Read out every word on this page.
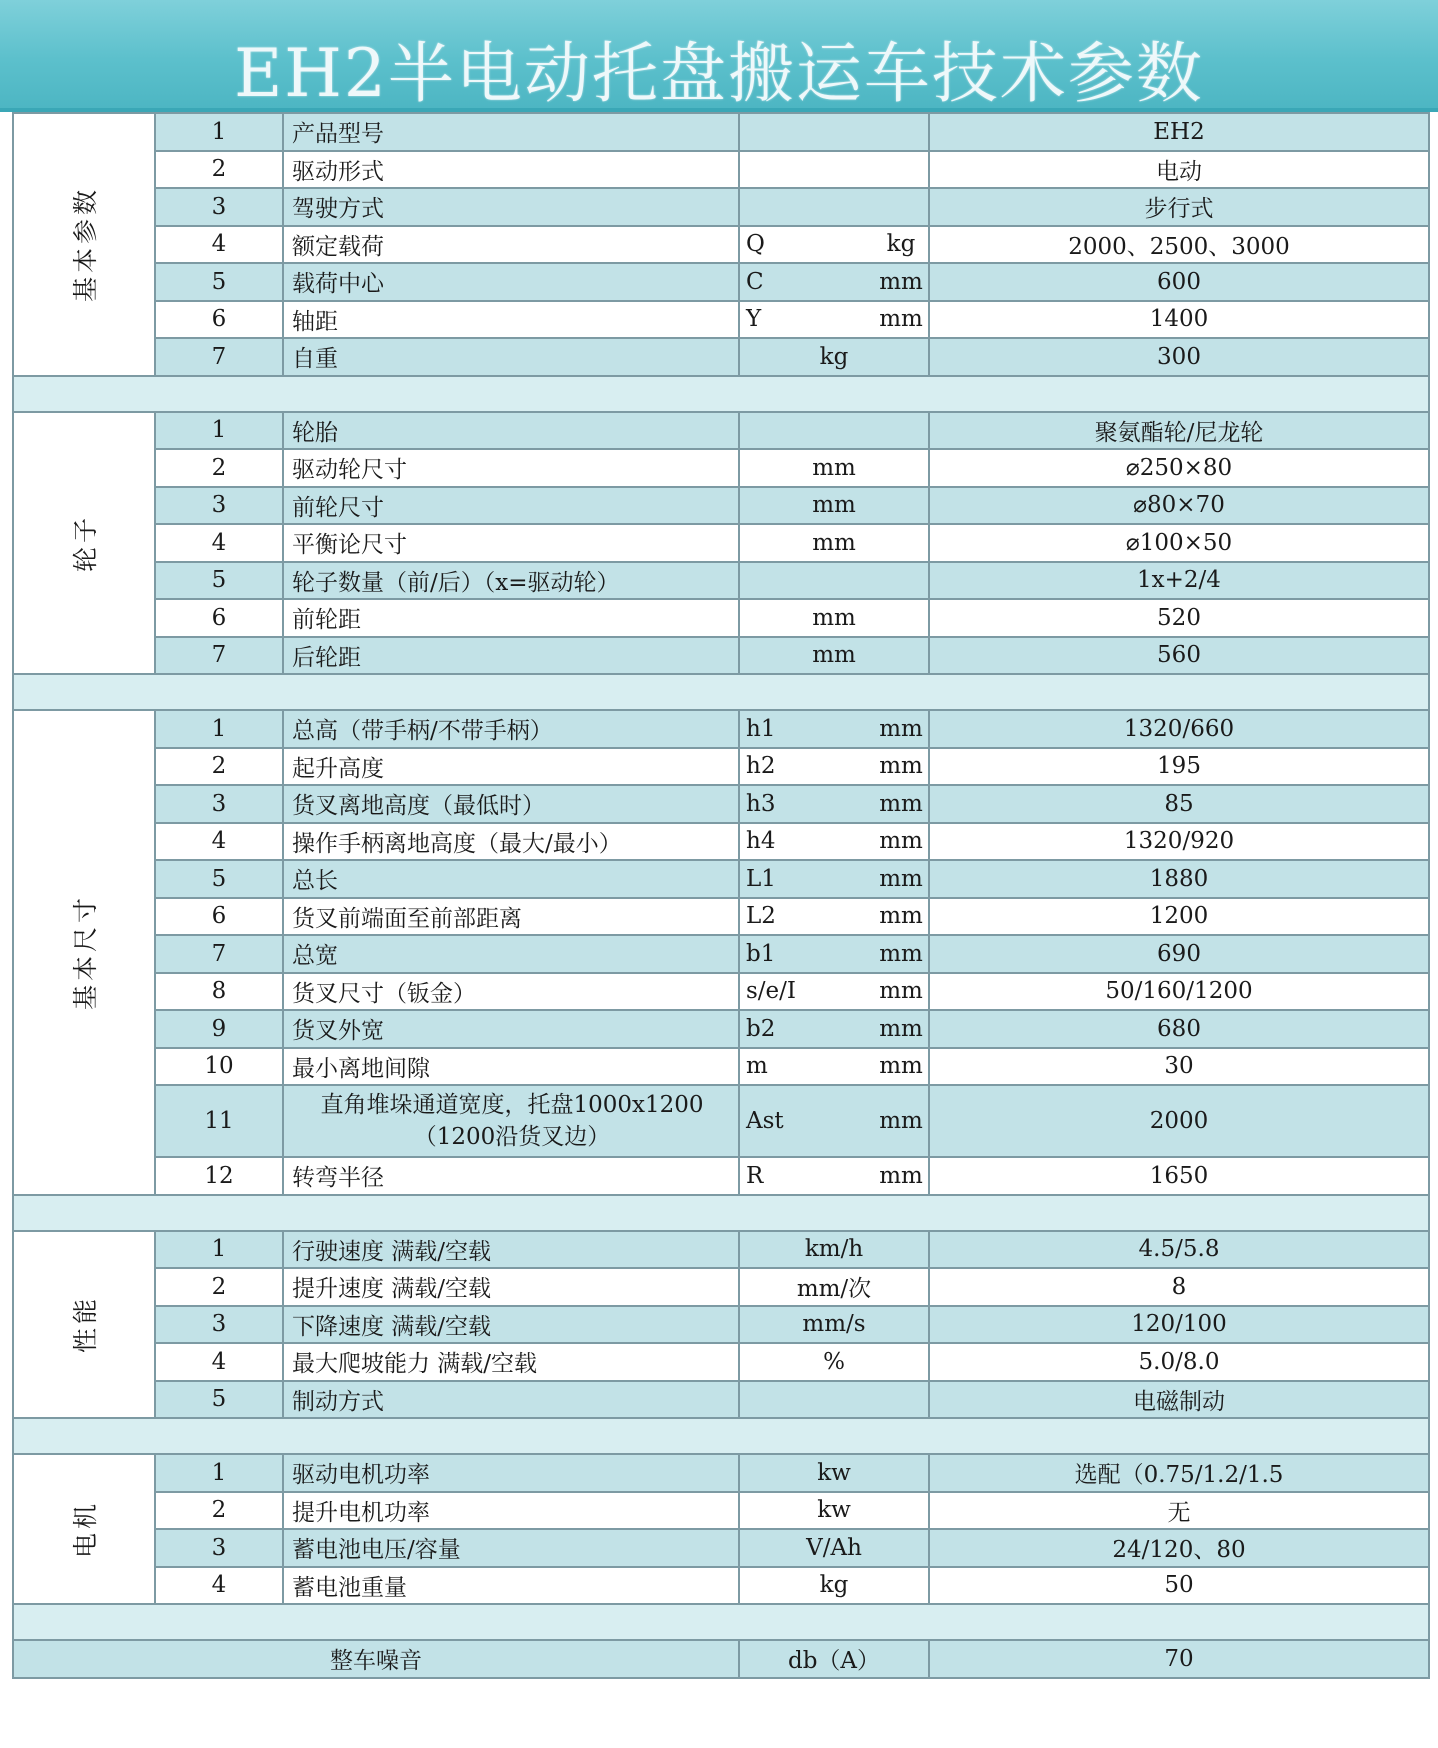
EH2半电动托盘搬运车技术参数
基本参数	1	产品型号		EH2
	2	驱动形式		电动
	3	驾驶方式		步行式
	4	额定载荷	Q kg	2000、2500、3000
	5	载荷中心	C mm	600
	6	轴距	Y mm	1400
	7	自重	kg	300

轮子	1	轮胎		聚氨酯轮/尼龙轮
	2	驱动轮尺寸	mm	⌀250×80
	3	前轮尺寸	mm	⌀80×70
	4	平衡论尺寸	mm	⌀100×50
	5	轮子数量（前/后）（x=驱动轮）		1x+2/4
	6	前轮距	mm	520
	7	后轮距	mm	560

基本尺寸	1	总高（带手柄/不带手柄）	h1 mm	1320/660
	2	起升高度	h2 mm	195
	3	货叉离地高度（最低时）	h3 mm	85
	4	操作手柄离地高度（最大/最小）	h4 mm	1320/920
	5	总长	L1 mm	1880
	6	货叉前端面至前部距离	L2 mm	1200
	7	总宽	b1 mm	690
	8	货叉尺寸（钣金）	s/e/I mm	50/160/1200
	9	货叉外宽	b2 mm	680
	10	最小离地间隙	m mm	30
	11	直角堆垛通道宽度，托盘1000x1200（1200沿货叉边）	Ast mm	2000
	12	转弯半径	R mm	1650

性能	1	行驶速度 满载/空载	km/h	4.5/5.8
	2	提升速度 满载/空载	mm/次	8
	3	下降速度 满载/空载	mm/s	120/100
	4	最大爬坡能力 满载/空载	%	5.0/8.0
	5	制动方式		电磁制动

电机	1	驱动电机功率	kw	选配（0.75/1.2/1.5
	2	提升电机功率	kw	无
	3	蓄电池电压/容量	V/Ah	24/120、80
	4	蓄电池重量	kg	50

整车噪音			db（A）	70
